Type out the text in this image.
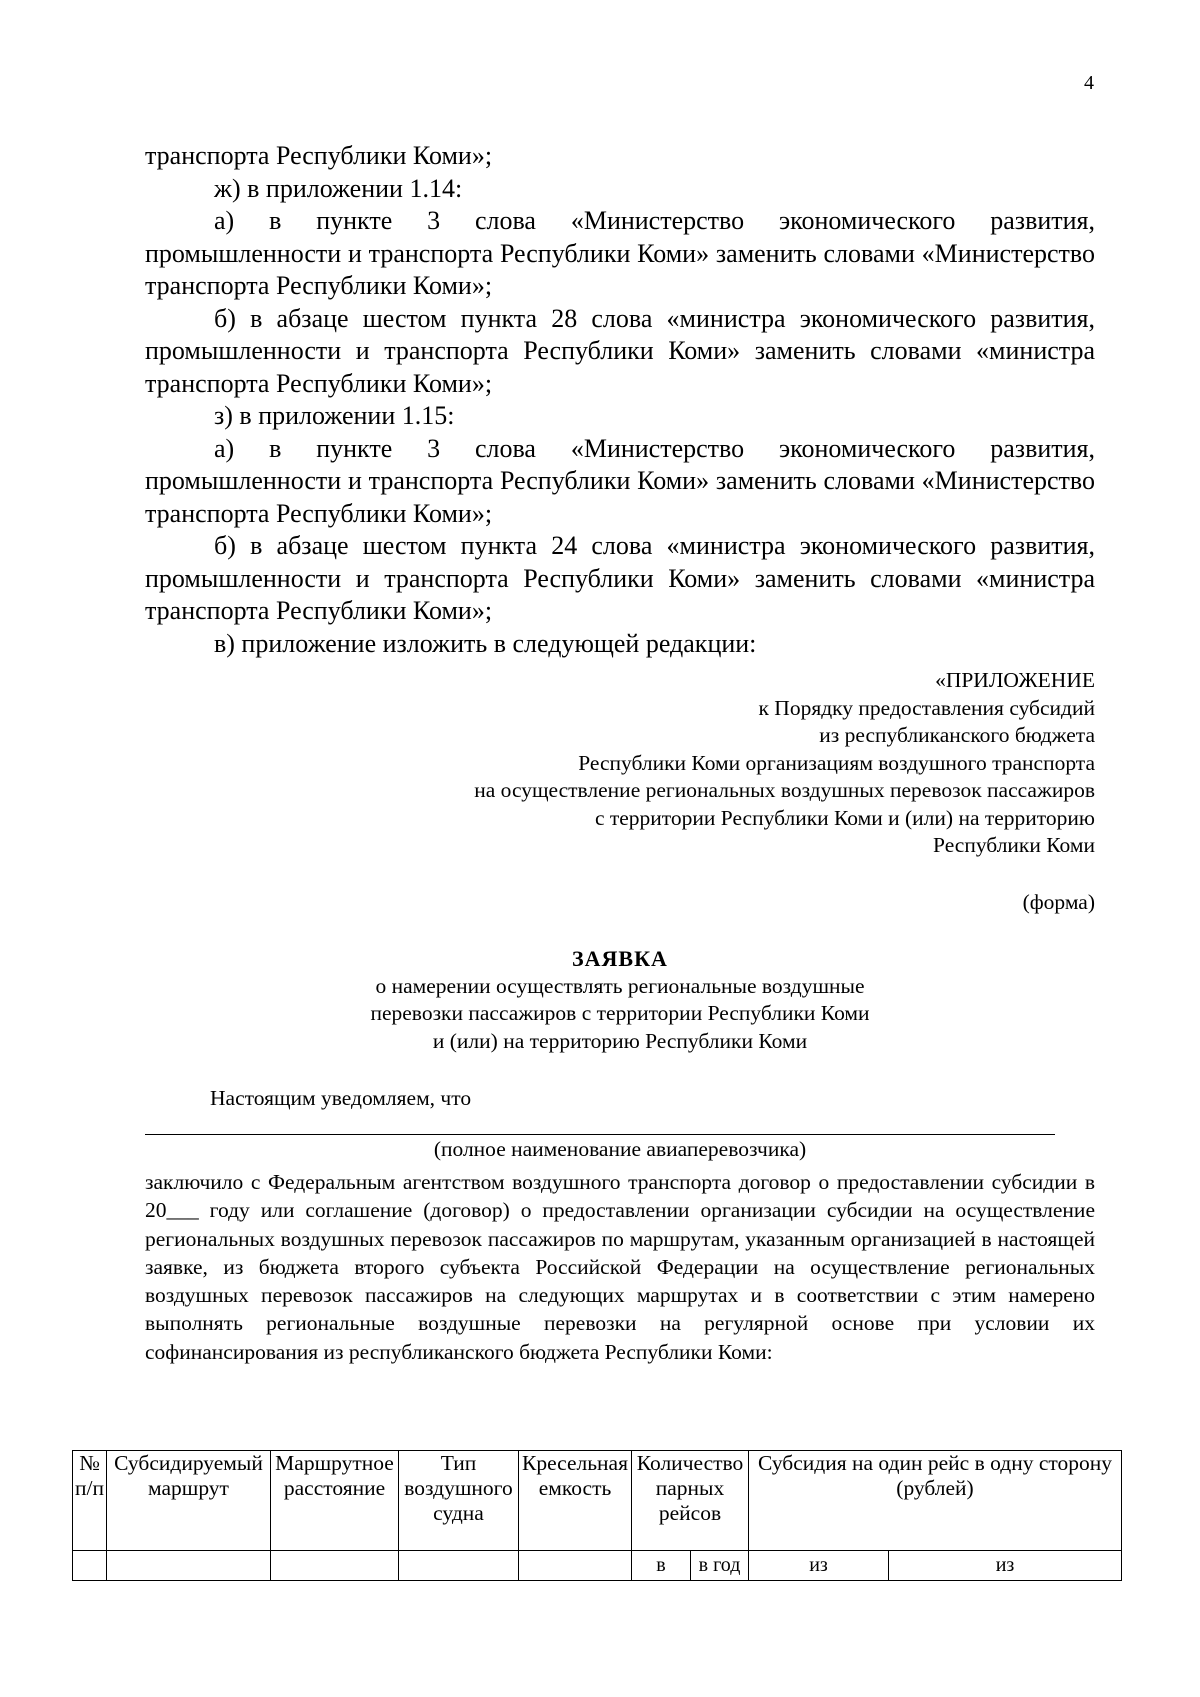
4

транспорта Республики Коми»;

ж) в приложении 1.14:

а) в пункте 3 слова «Министерство экономического развития, промышленности и транспорта Республики Коми» заменить словами «Министерство транспорта Республики Коми»;

б) в абзаце шестом пункта 28 слова «министра экономического развития, промышленности и транспорта Республики Коми» заменить словами «министра транспорта Республики Коми»;

з) в приложении 1.15:

а) в пункте 3 слова «Министерство экономического развития, промышленности и транспорта Республики Коми» заменить словами «Министерство транспорта Республики Коми»;

б) в абзаце шестом пункта 24 слова «министра экономического развития, промышленности и транспорта Республики Коми» заменить словами «министра транспорта Республики Коми»;

в) приложение изложить в следующей редакции:

«ПРИЛОЖЕНИЕ
к Порядку предоставления субсидий
из республиканского бюджета
Республики Коми организациям воздушного транспорта
на осуществление региональных воздушных перевозок пассажиров
с территории Республики Коми и (или) на территорию
Республики Коми
(форма)
ЗАЯВКА
о намерении осуществлять региональные воздушные
перевозки пассажиров с территории Республики Коми
и (или) на территорию Республики Коми
Настоящим уведомляем, что
(полное наименование авиаперевозчика)

заключило с Федеральным агентством воздушного транспорта договор о предоставлении субсидии в 20___ году или соглашение (договор) о предоставлении организации субсидии на осуществление региональных воздушных перевозок пассажиров по маршрутам, указанным организацией в настоящей заявке, из бюджета второго субъекта Российской Федерации на осуществление региональных воздушных перевозок пассажиров на следующих маршрутах и в соответствии с этим намерено выполнять региональные воздушные перевозки на регулярной основе при условии их софинансирования из республиканского бюджета Республики Коми:

№ п/п	Субсидируемый маршрут	Маршрутное расстояние	Тип воздушного судна	Кресельная емкость	Количество парных рейсов		Субсидия на один рейс в одну сторону (рублей)	
					в	в год	из	из
